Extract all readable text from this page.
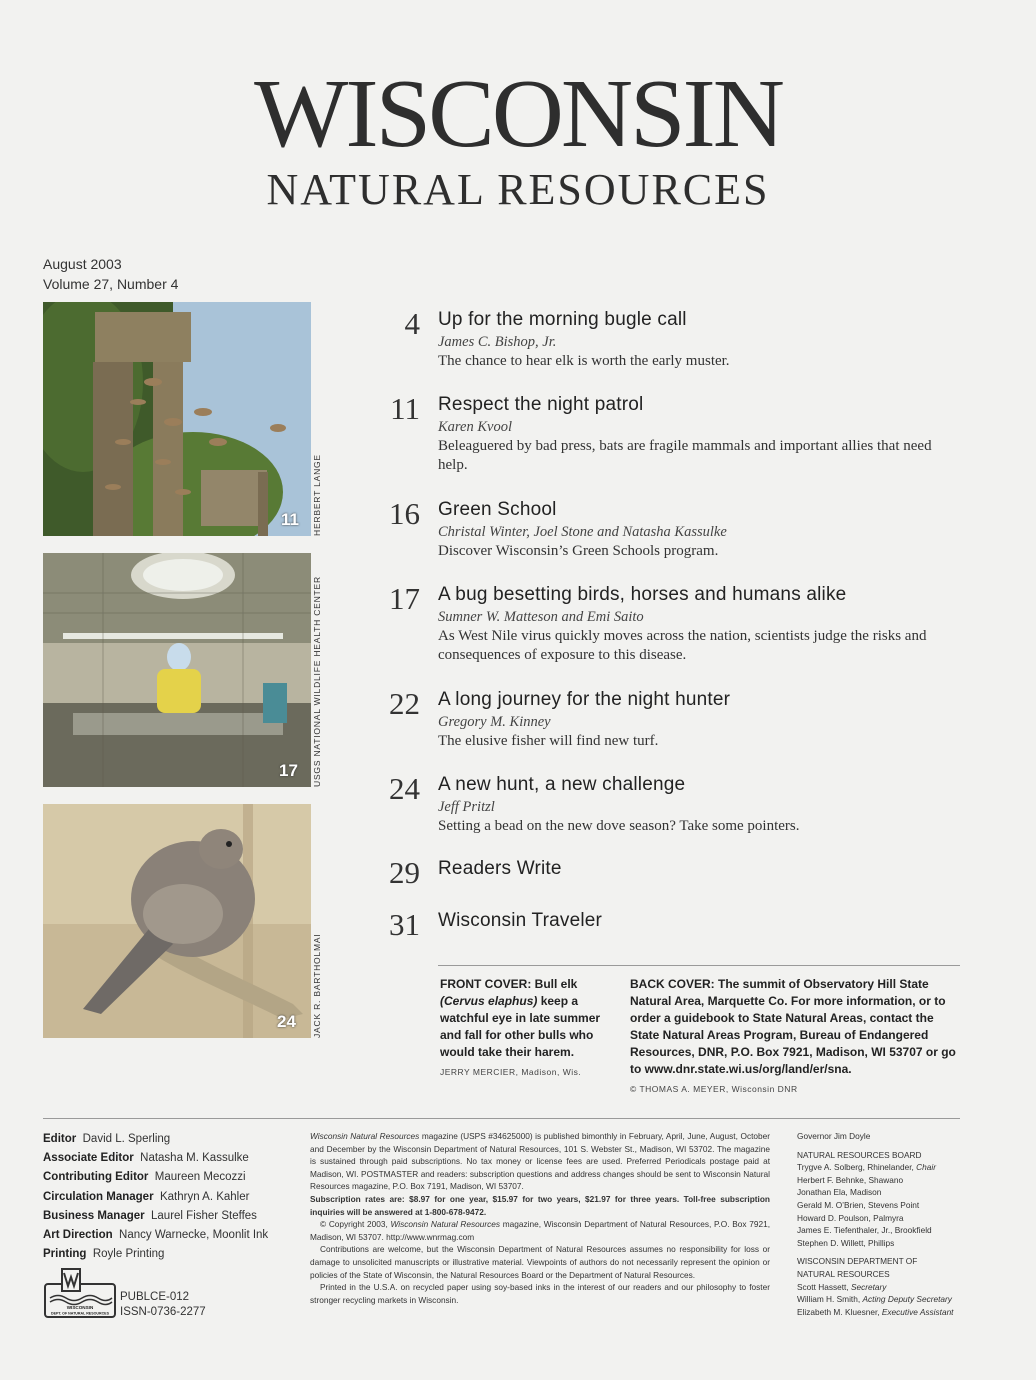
WISCONSIN
NATURAL RESOURCES
August 2003
Volume 27, Number 4
11 HERBERT LANGE
17 USGS NATIONAL WILDLIFE HEALTH CENTER
24 JACK R. BARTHOLMAI
4 Up for the morning bugle call
James C. Bishop, Jr.
The chance to hear elk is worth the early muster.
11 Respect the night patrol
Karen Kvool
Beleaguered by bad press, bats are fragile mammals and important allies that need help.
16 Green School
Christal Winter, Joel Stone and Natasha Kassulke
Discover Wisconsin’s Green Schools program.
17 A bug besetting birds, horses and humans alike
Sumner W. Matteson and Emi Saito
As West Nile virus quickly moves across the nation, scientists judge the risks and consequences of exposure to this disease.
22 A long journey for the night hunter
Gregory M. Kinney
The elusive fisher will find new turf.
24 A new hunt, a new challenge
Jeff Pritzl
Setting a bead on the new dove season? Take some pointers.
29 Readers Write
31 Wisconsin Traveler
FRONT COVER: Bull elk (Cervus elaphus) keep a watchful eye in late summer and fall for other bulls who would take their harem.
JERRY MERCIER, Madison, Wis.
BACK COVER: The summit of Observatory Hill State Natural Area, Marquette Co. For more information, or to order a guidebook to State Natural Areas, contact the State Natural Areas Program, Bureau of Endangered Resources, DNR, P.O. Box 7921, Madison, WI 53707 or go to www.dnr.state.wi.us/org/land/er/sna.
© THOMAS A. MEYER, Wisconsin DNR
Editor David L. Sperling
Associate Editor Natasha M. Kassulke
Contributing Editor Maureen Mecozzi
Circulation Manager Kathryn A. Kahler
Business Manager Laurel Fisher Steffes
Art Direction Nancy Warnecke, Moonlit Ink
Printing Royle Printing

Wisconsin Natural Resources magazine (USPS #34625000) is published bimonthly in February, April, June, August, October and December by the Wisconsin Department of Natural Resources, 101 S. Webster St., Madison, WI 53702. The magazine is sustained through paid subscriptions. No tax money or license fees are used. Preferred Periodicals postage paid at Madison, WI. POSTMASTER and readers: subscription questions and address changes should be sent to Wisconsin Natural Resources magazine, P.O. Box 7191, Madison, WI 53707.

Subscription rates are: $8.97 for one year, $15.97 for two years, $21.97 for three years. Toll-free subscription inquiries will be answered at 1-800-678-9472.

© Copyright 2003, Wisconsin Natural Resources magazine, Wisconsin Department of Natural Resources, P.O. Box 7921, Madison, WI 53707. http://www.wnrmag.com

Contributions are welcome, but the Wisconsin Department of Natural Resources assumes no responsibility for loss or damage to unsolicited manuscripts or illustrative material. Viewpoints of authors do not necessarily represent the opinion or policies of the State of Wisconsin, the Natural Resources Board or the Department of Natural Resources.

Printed in the U.S.A. on recycled paper using soy-based inks in the interest of our readers and our philosophy to foster stronger recycling markets in Wisconsin.

Governor Jim Doyle

NATURAL RESOURCES BOARD

Trygve A. Solberg, Rhinelander, Chair

Herbert F. Behnke, Shawano

Jonathan Ela, Madison

Gerald M. O’Brien, Stevens Point

Howard D. Poulson, Palmyra

James E. Tiefenthaler, Jr., Brookfield

Stephen D. Willett, Phillips

WISCONSIN DEPARTMENT OF

NATURAL RESOURCES

Scott Hassett, Secretary

William H. Smith, Acting Deputy Secretary

Elizabeth M. Kluesner, Executive Assistant

WISCONSIN
DEPT. OF NATURAL RESOURCES
PUBLCE-012
ISSN-0736-2277
